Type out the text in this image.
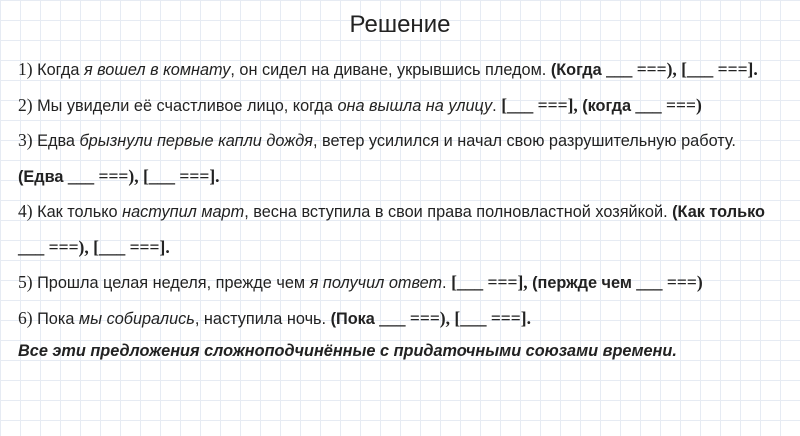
Решение

1) Когда я вошел в комнату, он сидел на диване, укрывшись пледом. (Когда ___ ===), [___ ===].

2) Мы увидели её счастливое лицо, когда она вышла на улицу. [___ ===], (когда ___ ===)

3) Едва брызнули первые капли дождя, ветер усилился и начал свою разрушительную работу. (Едва ___ ===), [___ ===].

4) Как только наступил март, весна вступила в свои права полновластной хозяйкой. (Как только ___ ===), [___ ===].

5) Прошла целая неделя, прежде чем я получил ответ. [___ ===], (перждe чем ___ ===)

6) Пока мы собирались, наступила ночь. (Пока ___ ===), [___ ===].

Все эти предложения сложноподчинённые с придаточными союзами времени.
